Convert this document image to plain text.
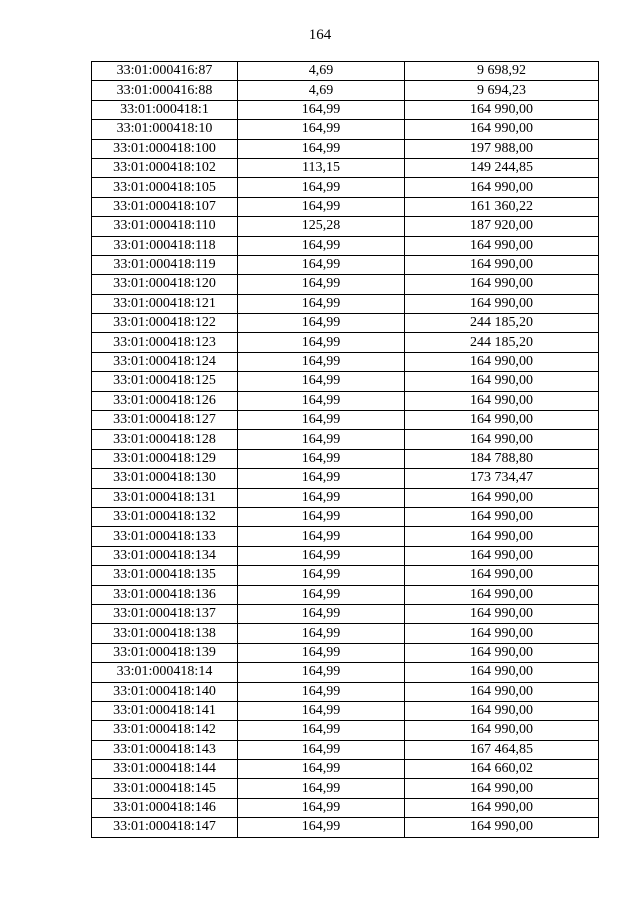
164
33:01:000416:87	4,69	9 698,92
33:01:000416:88	4,69	9 694,23
33:01:000418:1	164,99	164 990,00
33:01:000418:10	164,99	164 990,00
33:01:000418:100	164,99	197 988,00
33:01:000418:102	113,15	149 244,85
33:01:000418:105	164,99	164 990,00
33:01:000418:107	164,99	161 360,22
33:01:000418:110	125,28	187 920,00
33:01:000418:118	164,99	164 990,00
33:01:000418:119	164,99	164 990,00
33:01:000418:120	164,99	164 990,00
33:01:000418:121	164,99	164 990,00
33:01:000418:122	164,99	244 185,20
33:01:000418:123	164,99	244 185,20
33:01:000418:124	164,99	164 990,00
33:01:000418:125	164,99	164 990,00
33:01:000418:126	164,99	164 990,00
33:01:000418:127	164,99	164 990,00
33:01:000418:128	164,99	164 990,00
33:01:000418:129	164,99	184 788,80
33:01:000418:130	164,99	173 734,47
33:01:000418:131	164,99	164 990,00
33:01:000418:132	164,99	164 990,00
33:01:000418:133	164,99	164 990,00
33:01:000418:134	164,99	164 990,00
33:01:000418:135	164,99	164 990,00
33:01:000418:136	164,99	164 990,00
33:01:000418:137	164,99	164 990,00
33:01:000418:138	164,99	164 990,00
33:01:000418:139	164,99	164 990,00
33:01:000418:14	164,99	164 990,00
33:01:000418:140	164,99	164 990,00
33:01:000418:141	164,99	164 990,00
33:01:000418:142	164,99	164 990,00
33:01:000418:143	164,99	167 464,85
33:01:000418:144	164,99	164 660,02
33:01:000418:145	164,99	164 990,00
33:01:000418:146	164,99	164 990,00
33:01:000418:147	164,99	164 990,00
